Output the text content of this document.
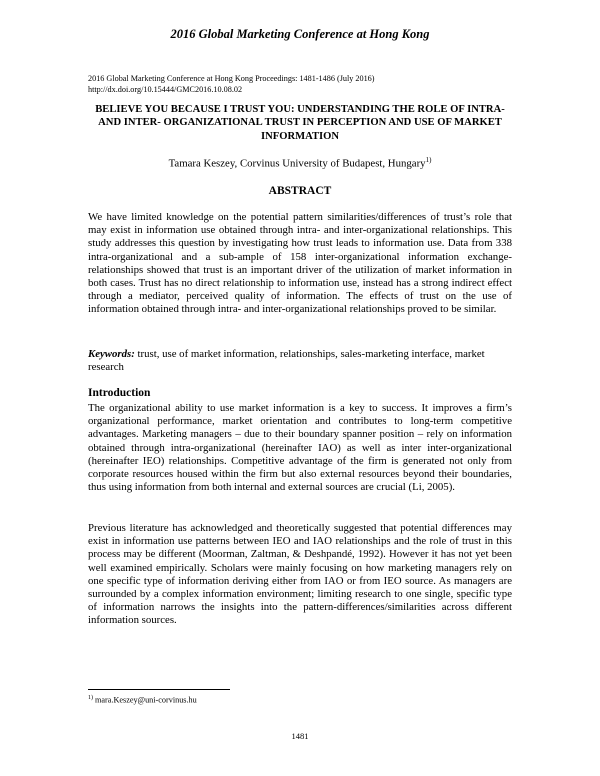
2016 Global Marketing Conference at Hong Kong
2016 Global Marketing Conference at Hong Kong Proceedings: 1481-1486 (July 2016)
http://dx.doi.org/10.15444/GMC2016.10.08.02
BELIEVE YOU BECAUSE I TRUST YOU: UNDERSTANDING THE ROLE OF INTRA- AND INTER- ORGANIZATIONAL TRUST IN PERCEPTION AND USE OF MARKET INFORMATION
Tamara Keszey, Corvinus University of Budapest, Hungary$^{1)}$
ABSTRACT
We have limited knowledge on the potential pattern similarities/differences of trust’s role that may exist in information use obtained through intra- and inter-organizational relationships. This study addresses this question by investigating how trust leads to information use. Data from 338 intra-organizational and a sub-ample of 158 inter-organizational information exchange-relationships showed that trust is an important driver of the utilization of market information in both cases. Trust has no direct relationship to information use, instead has a strong indirect effect through a mediator, perceived quality of information. The effects of trust on the use of information obtained through intra- and inter-organizational relationships proved to be similar.
Keywords: trust, use of market information, relationships, sales-marketing interface, market research
Introduction
The organizational ability to use market information is a key to success. It improves a firm’s organizational performance, market orientation and contributes to long-term competitive advantages. Marketing managers – due to their boundary spanner position – rely on information obtained through intra-organizational (hereinafter IAO) as well as inter inter-organizational (hereinafter IEO) relationships. Competitive advantage of the firm is generated not only from corporate resources housed within the firm but also external resources beyond their boundaries, thus using information from both internal and external sources are crucial (Li, 2005).
Previous literature has acknowledged and theoretically suggested that potential differences may exist in information use patterns between IEO and IAO relationships and the role of trust in this process may be different (Moorman, Zaltman, & Deshpandé, 1992). However it has not yet been well examined empirically. Scholars were mainly focusing on how marketing managers rely on one specific type of information deriving either from IAO or from IEO source. As managers are surrounded by a complex information environment; limiting research to one single, specific type of information narrows the insights into the pattern-differences/similarities across different information sources.
$^{1)}$ mara.Keszey@uni-corvinus.hu
1481
